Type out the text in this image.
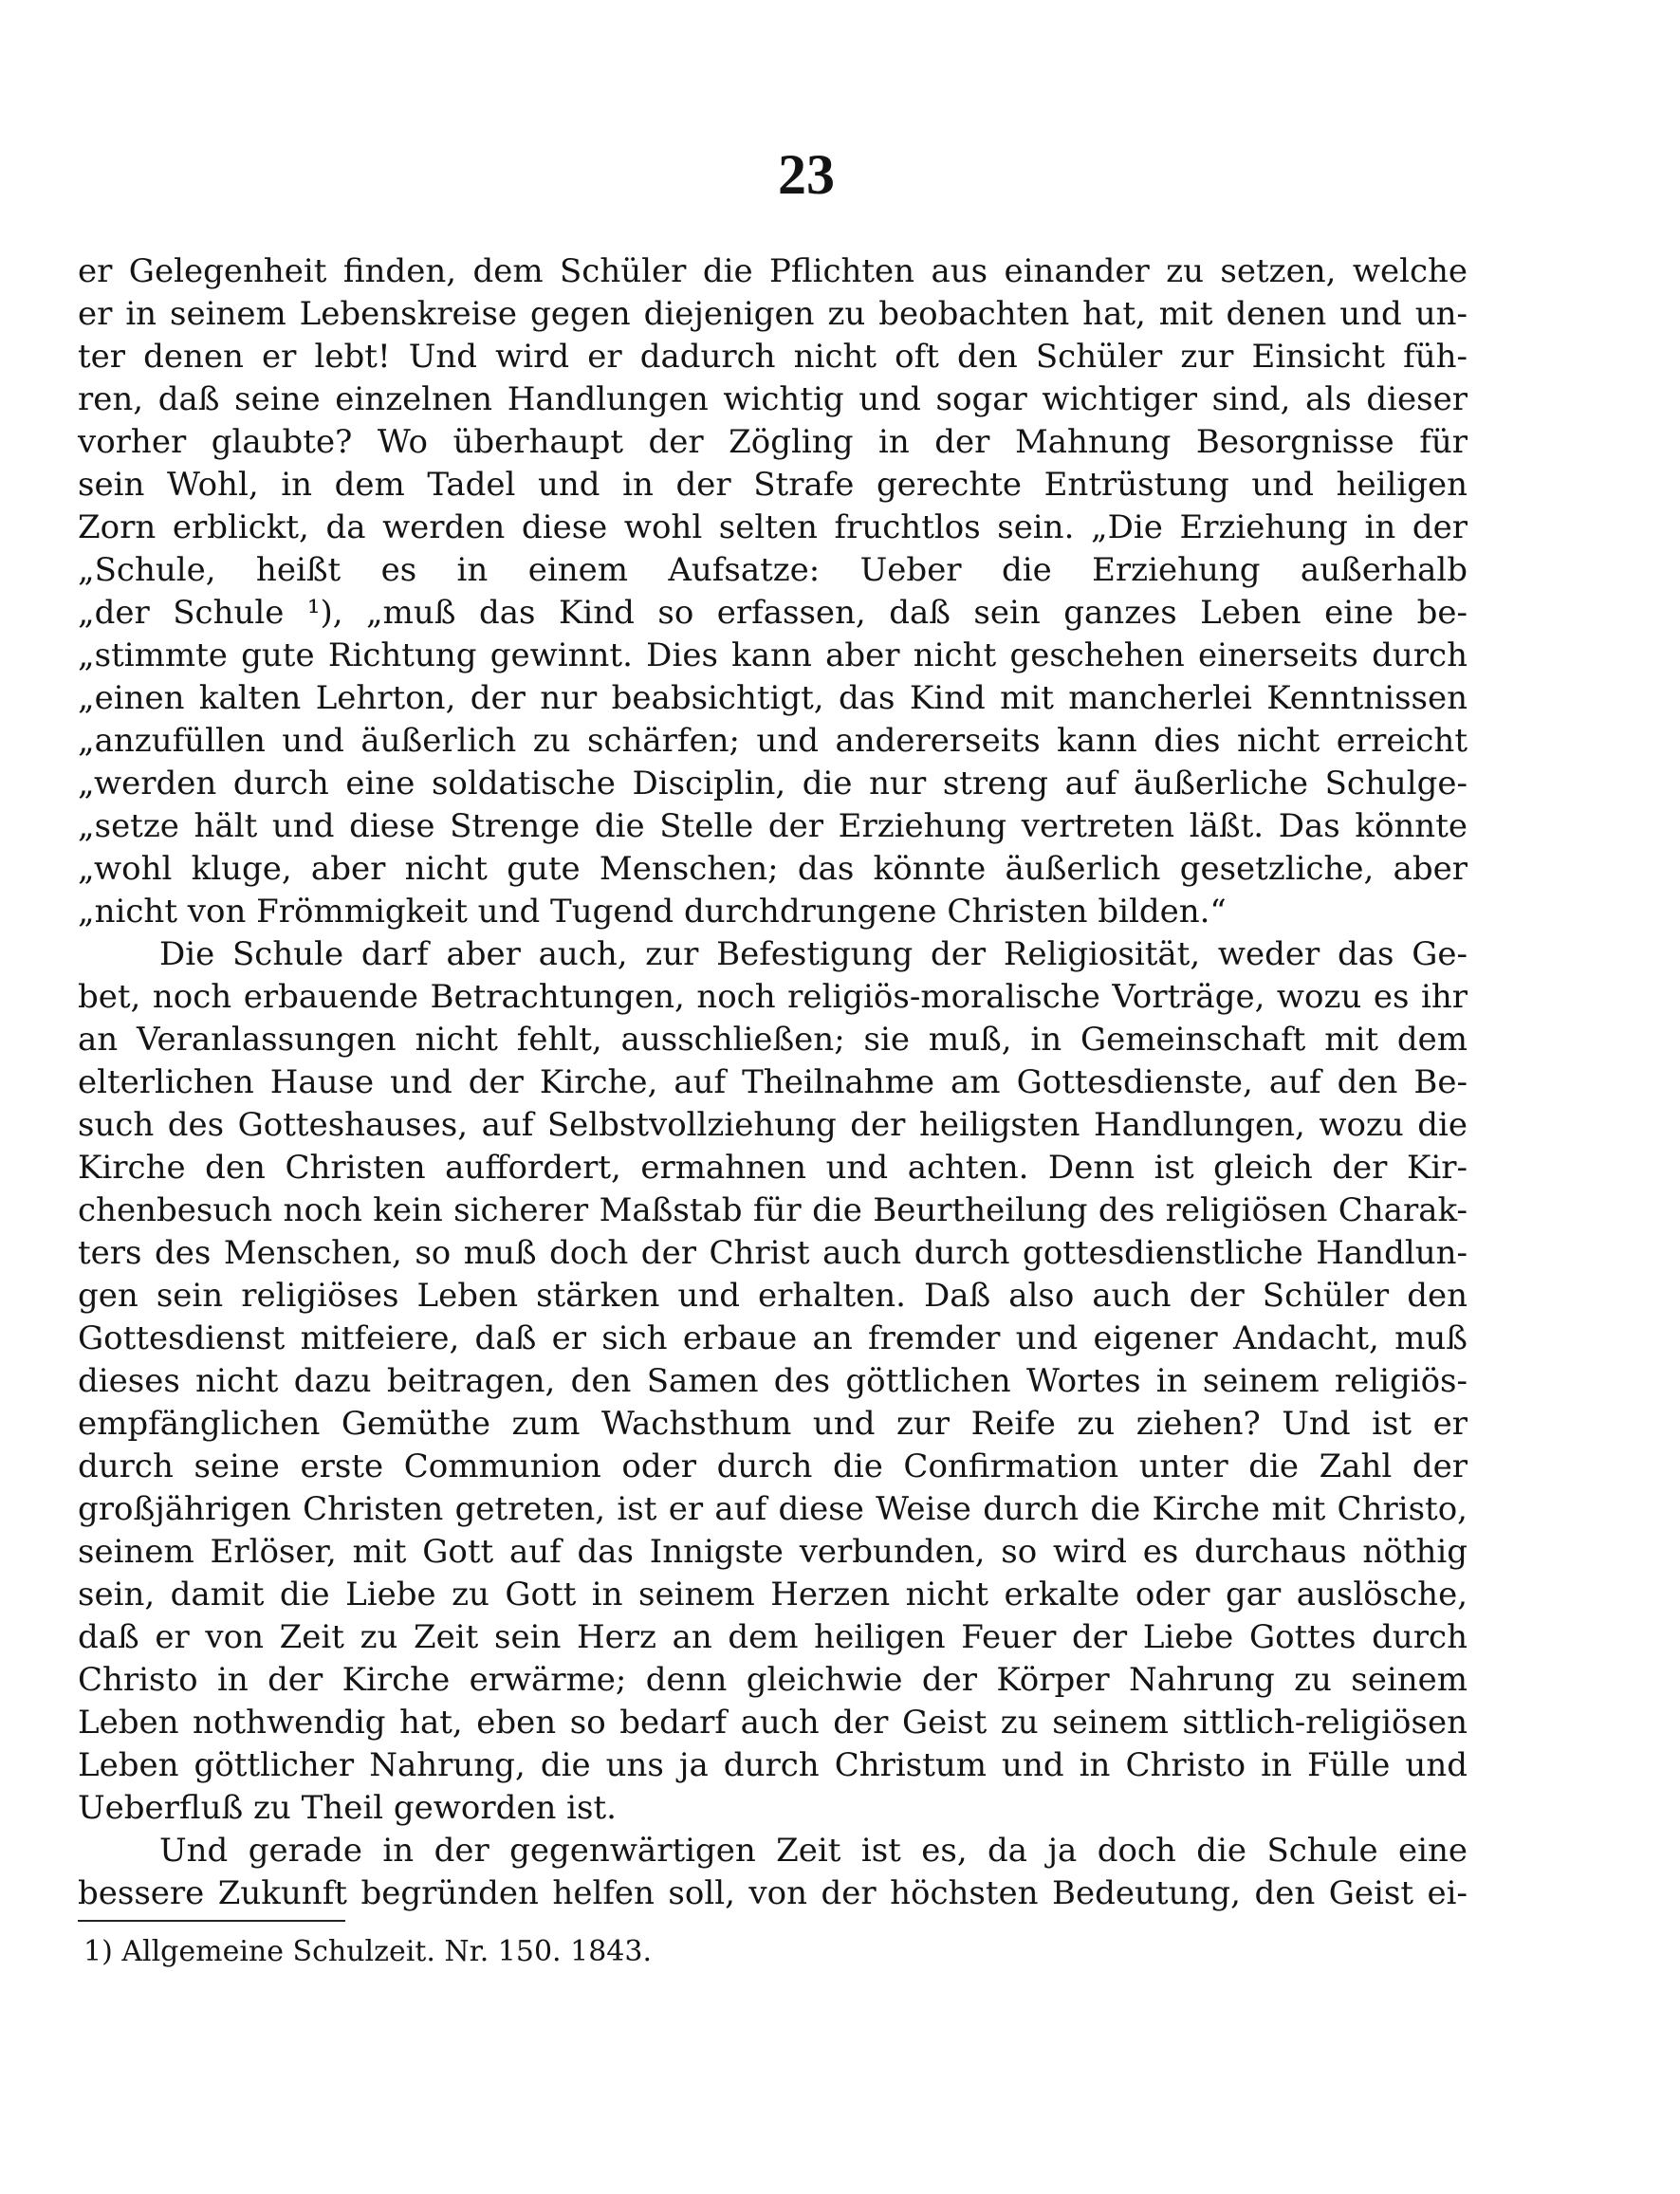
23
er Gelegenheit finden, dem Schüler die Pflichten aus einander zu setzen, welche
er in seinem Lebenskreise gegen diejenigen zu beobachten hat, mit denen und un-
ter denen er lebt! Und wird er dadurch nicht oft den Schüler zur Einsicht füh-
ren, daß seine einzelnen Handlungen wichtig und sogar wichtiger sind, als dieser
vorher glaubte? Wo überhaupt der Zögling in der Mahnung Besorgnisse für
sein Wohl, in dem Tadel und in der Strafe gerechte Entrüstung und heiligen
Zorn erblickt, da werden diese wohl selten fruchtlos sein. „Die Erziehung in der
„Schule, heißt es in einem Aufsatze: Ueber die Erziehung außerhalb
„der Schule ¹), „muß das Kind so erfassen, daß sein ganzes Leben eine be-
„stimmte gute Richtung gewinnt. Dies kann aber nicht geschehen einerseits durch
„einen kalten Lehrton, der nur beabsichtigt, das Kind mit mancherlei Kenntnissen
„anzufüllen und äußerlich zu schärfen; und andererseits kann dies nicht erreicht
„werden durch eine soldatische Disciplin, die nur streng auf äußerliche Schulge-
„setze hält und diese Strenge die Stelle der Erziehung vertreten läßt. Das könnte
„wohl kluge, aber nicht gute Menschen; das könnte äußerlich gesetzliche, aber
„nicht von Frömmigkeit und Tugend durchdrungene Christen bilden.“
Die Schule darf aber auch, zur Befestigung der Religiosität, weder das Ge-
bet, noch erbauende Betrachtungen, noch religiös-moralische Vorträge, wozu es ihr
an Veranlassungen nicht fehlt, ausschließen; sie muß, in Gemeinschaft mit dem
elterlichen Hause und der Kirche, auf Theilnahme am Gottesdienste, auf den Be-
such des Gotteshauses, auf Selbstvollziehung der heiligsten Handlungen, wozu die
Kirche den Christen auffordert, ermahnen und achten. Denn ist gleich der Kir-
chenbesuch noch kein sicherer Maßstab für die Beurtheilung des religiösen Charak-
ters des Menschen, so muß doch der Christ auch durch gottesdienstliche Handlun-
gen sein religiöses Leben stärken und erhalten. Daß also auch der Schüler den
Gottesdienst mitfeiere, daß er sich erbaue an fremder und eigener Andacht, muß
dieses nicht dazu beitragen, den Samen des göttlichen Wortes in seinem religiös-
empfänglichen Gemüthe zum Wachsthum und zur Reife zu ziehen? Und ist er
durch seine erste Communion oder durch die Confirmation unter die Zahl der
großjährigen Christen getreten, ist er auf diese Weise durch die Kirche mit Christo,
seinem Erlöser, mit Gott auf das Innigste verbunden, so wird es durchaus nöthig
sein, damit die Liebe zu Gott in seinem Herzen nicht erkalte oder gar auslösche,
daß er von Zeit zu Zeit sein Herz an dem heiligen Feuer der Liebe Gottes durch
Christo in der Kirche erwärme; denn gleichwie der Körper Nahrung zu seinem
Leben nothwendig hat, eben so bedarf auch der Geist zu seinem sittlich-religiösen
Leben göttlicher Nahrung, die uns ja durch Christum und in Christo in Fülle und
Ueberfluß zu Theil geworden ist.
Und gerade in der gegenwärtigen Zeit ist es, da ja doch die Schule eine
bessere Zukunft begründen helfen soll, von der höchsten Bedeutung, den Geist ei-
1) Allgemeine Schulzeit. Nr. 150. 1843.
